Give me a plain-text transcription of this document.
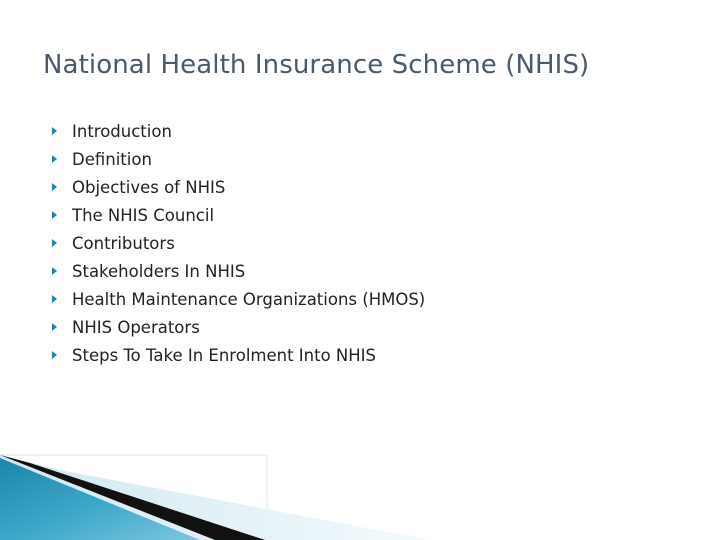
National Health Insurance Scheme (NHIS)
Introduction
Definition
Objectives of NHIS
The NHIS Council
Contributors
Stakeholders In NHIS
Health Maintenance Organizations (HMOS)
NHIS Operators
Steps To Take In Enrolment Into NHIS
